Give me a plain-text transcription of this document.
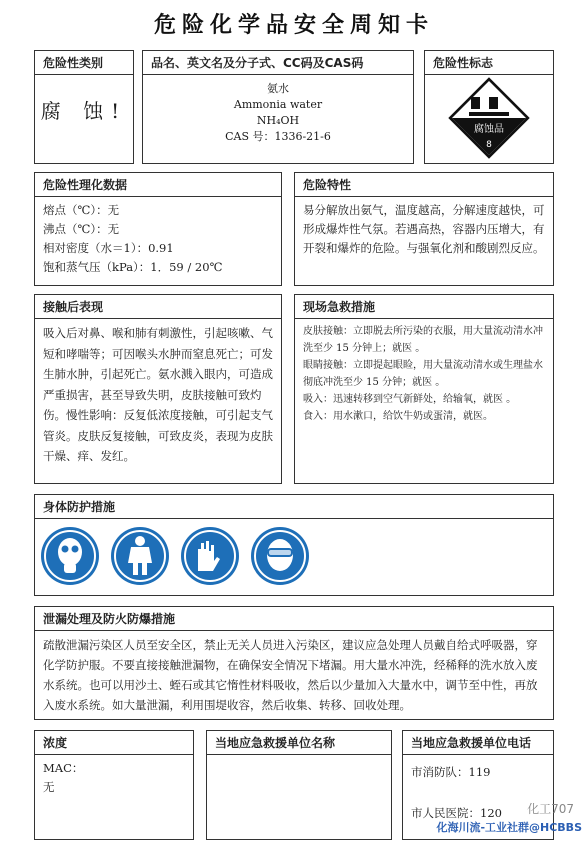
危险化学品安全周知卡
危险性类别
腐 蚀!
品名、英文名及分子式、CC码及CAS码
氨水
Ammonia water
NH₄OH
CAS 号：1336-21-6
危险性标志
腐蚀品
8
危险性理化数据
熔点（℃）：无
沸点（℃）：无
相对密度（水＝1）：0.91
饱和蒸气压（kPa）：1．59 / 20℃
危险特性
易分解放出氨气，温度越高，分解速度越快，可形成爆炸性气氛。若遇高热，容器内压增大，有开裂和爆炸的危险。与强氧化剂和酸剧烈反应。
接触后表现
吸入后对鼻、喉和肺有刺激性，引起咳嗽、气短和哮喘等；可因喉头水肿而窒息死亡；可发生肺水肿，引起死亡。氨水溅入眼内，可造成严重损害，甚至导致失明，皮肤接触可致灼伤。慢性影响：反复低浓度接触，可引起支气管炎。皮肤反复接触，可致皮炎，表现为皮肤干燥、痒、发红。
现场急救措施
皮肤接触：立即脱去所污染的衣服，用大量流动清水冲洗至少 15 分钟上；就医 。
眼睛接触：立即提起眼睑，用大量流动清水或生理盐水彻底冲洗至少 15 分钟；就医 。
吸入：迅速转移到空气新鲜处，给输氧，就医 。
食入：用水漱口，给饮牛奶或蛋清，就医。
身体防护措施

泄漏处理及防火防爆措施
疏散泄漏污染区人员至安全区，禁止无关人员进入污染区，建议应急处理人员戴自给式呼吸器，穿化学防护服。不要直接接触泄漏物，在确保安全情况下堵漏。用大量水冲洗，经稀释的洗水放入废水系统。也可以用沙土、蛭石或其它惰性材料吸收，然后以少量加入大量水中，调节至中性，再放入废水系统。如大量泄漏，利用围堤收容，然后收集、转移、回收处理。
浓度
MAC：
无
当地应急救援单位名称	当地应急救援单位电话
市消防队：119
市人民医院：120	化工707
化海川流-工业社群@HCBBS
